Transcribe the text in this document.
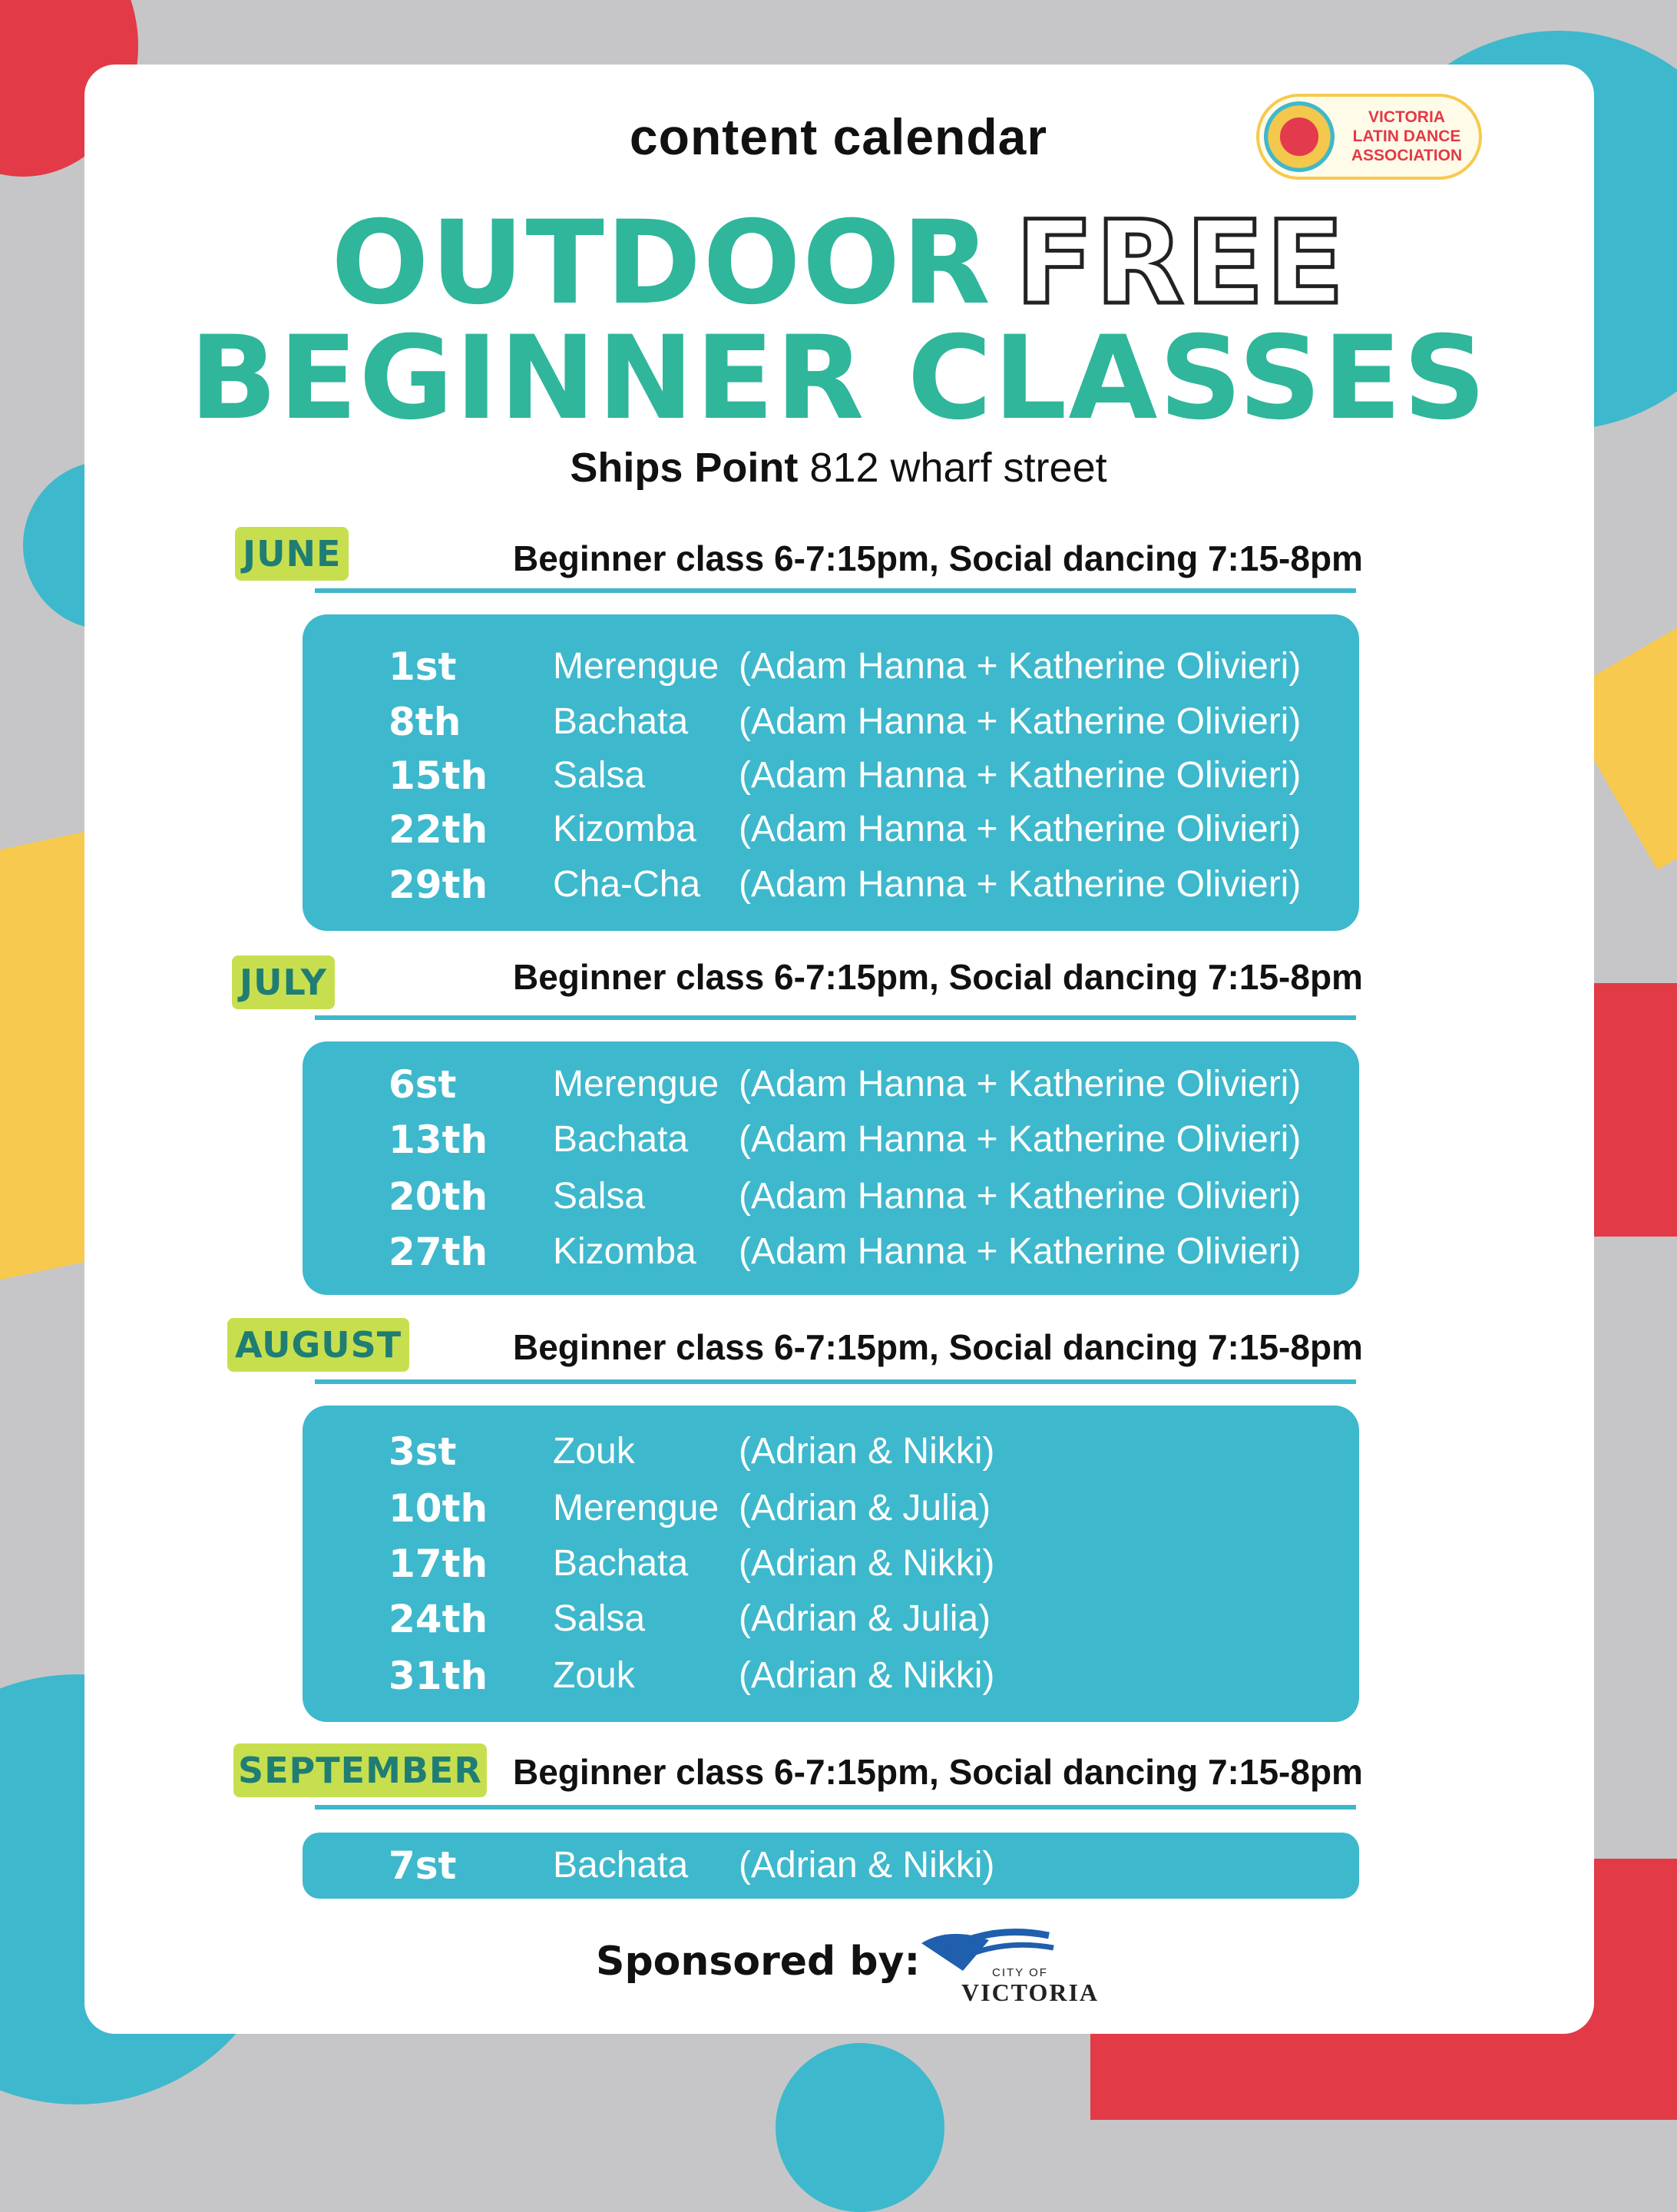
content calendar	VICTORIA
LATIN DANCE
ASSOCIATION
OUTDOOR FREE
BEGINNER CLASSES
Ships Point 812 wharf street
JUNE	Beginner class 6-7:15pm, Social dancing 7:15-8pm
1st	Merengue (Adam Hanna + Katherine Olivieri)
8th Bachata (Adam Hanna + Katherine Olivieri)
15th Salsa	(Adam Hanna + Katherine Olivieri)
22th Kizomba (Adam Hanna + Katherine Olivieri)
29th Cha-Cha (Adam Hanna + Katherine Olivieri)
JULY	Beginner class 6-7:15pm, Social dancing 7:15-8pm
6st	Merengue (Adam Hanna + Katherine Olivieri)
13th Bachata (Adam Hanna + Katherine Olivieri)
20th Salsa	(Adam Hanna + Katherine Olivieri)
27th Kizomba (Adam Hanna + Katherine Olivieri)
AUGUST	Beginner class 6-7:15pm, Social dancing 7:15-8pm
3st	Zouk	(Adrian & Nikki)
10th Merengue (Adrian & Julia)
17th Bachata (Adrian & Nikki)
24th Salsa	(Adrian & Julia)
31th Zouk	(Adrian & Nikki)
SEPTEMBER Beginner class 6-7:15pm, Social dancing 7:15-8pm
7st	Bachata (Adrian & Nikki)
Sponsored by:	CITY OF
VICTORIA
